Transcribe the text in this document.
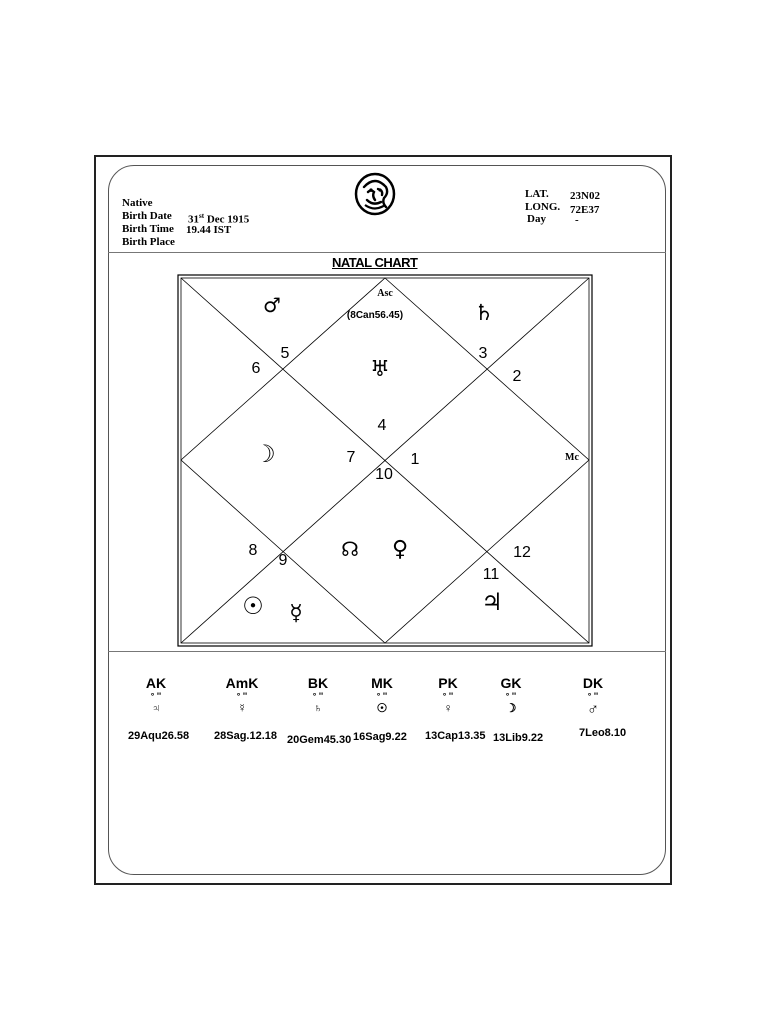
Native
Birth Date 31st Dec 1915
Birth Time 19.44 IST
Birth Place
LAT. 23N02
LONG. 72E37
Day	-
NATAL CHART
4
3
2
1
12
11
10
9
8
7
6
5
Asc
(8Can56.45)
Mc
♂	♄
♅
☽
☊ ♀
☉ ☿	♃
AK
° ''
♃
29Aqu26.58
AmK
° ''
☿
28Sag.12.18
BK
° ''
♄
20Gem45.30
MK
° ''
☉
16Sag9.22
PK
° ''
♀
13Cap13.35
GK
° ''
☽
13Lib9.22
DK
° ''
♂
7Leo8.10
